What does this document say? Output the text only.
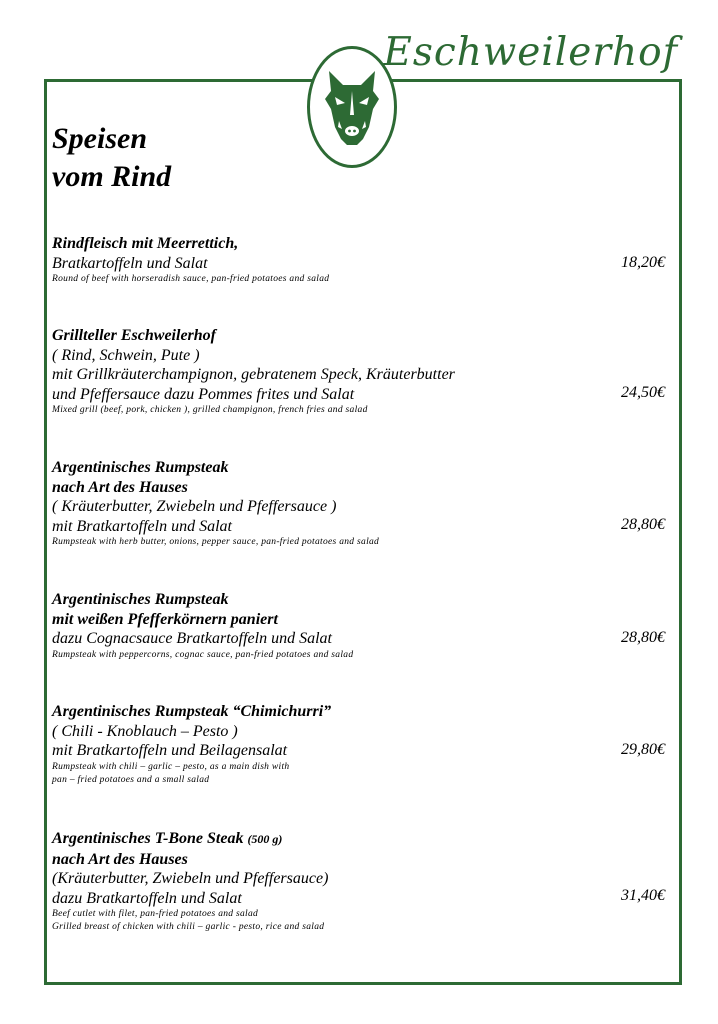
Eschweilerhof
Speisen
vom Rind
Rindfleisch mit Meerrettich,
Bratkartoffeln und Salat
Round of beef with horseradish sauce, pan-fried potatoes and salad
18,20€
Grillteller Eschweilerhof
( Rind, Schwein, Pute )
mit Grillkräuterchampignon, gebratenem Speck, Kräuterbutter
und Pfeffersauce dazu Pommes frites und Salat
Mixed grill (beef, pork, chicken ), grilled champignon, french fries and salad
24,50€
Argentinisches Rumpsteak
nach Art des Hauses
( Kräuterbutter, Zwiebeln und Pfeffersauce )
mit Bratkartoffeln und Salat
Rumpsteak with herb butter, onions, pepper sauce, pan-fried potatoes and salad
28,80€
Argentinisches Rumpsteak
mit weißen Pfefferkörnern paniert
dazu Cognacsauce Bratkartoffeln und Salat
Rumpsteak with peppercorns, cognac sauce, pan-fried potatoes and salad
28,80€
Argentinisches Rumpsteak “Chimichurri”
( Chili - Knoblauch – Pesto )
mit Bratkartoffeln und Beilagensalat
Rumpsteak with chili – garlic – pesto, as a main dish with
pan – fried potatoes and a small salad
29,80€
Argentinisches T-Bone Steak (500 g)
nach Art des Hauses
(Kräuterbutter, Zwiebeln und Pfeffersauce)
dazu Bratkartoffeln und Salat
Beef cutlet with filet, pan-fried potatoes and salad
Grilled breast of chicken with chili – garlic - pesto, rice and salad
31,40€
